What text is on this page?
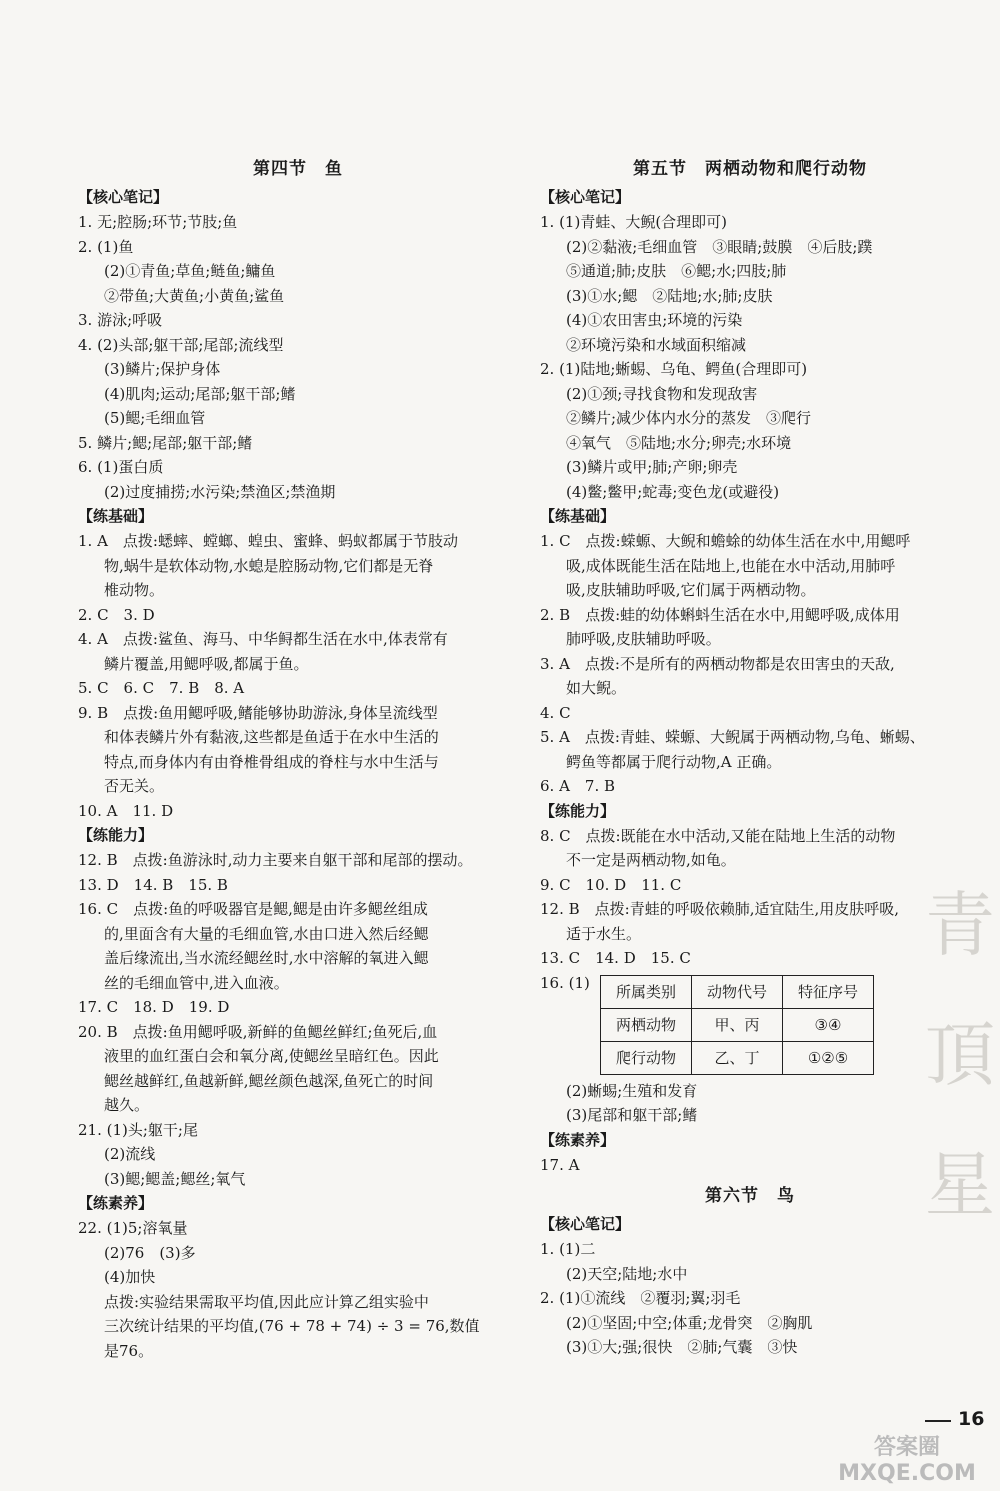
第四节　鱼
【核心笔记】
1. 无;腔肠;环节;节肢;鱼
2. (1)鱼
(2)①青鱼;草鱼;鲢鱼;鳙鱼
②带鱼;大黄鱼;小黄鱼;鲨鱼
3. 游泳;呼吸
4. (2)头部;躯干部;尾部;流线型
(3)鳞片;保护身体
(4)肌肉;运动;尾部;躯干部;鳍
(5)鳃;毛细血管
5. 鳞片;鳃;尾部;躯干部;鳍
6. (1)蛋白质
(2)过度捕捞;水污染;禁渔区;禁渔期
【练基础】
1. A　点拨:蟋蟀、螳螂、蝗虫、蜜蜂、蚂蚁都属于节肢动
物,蜗牛是软体动物,水螅是腔肠动物,它们都是无脊
椎动物。
2. C　3. D
4. A　点拨:鲨鱼、海马、中华鲟都生活在水中,体表常有
鳞片覆盖,用鳃呼吸,都属于鱼。
5. C　6. C　7. B　8. A
9. B　点拨:鱼用鳃呼吸,鳍能够协助游泳,身体呈流线型
和体表鳞片外有黏液,这些都是鱼适于在水中生活的
特点,而身体内有由脊椎骨组成的脊柱与水中生活与
否无关。
10. A　11. D
【练能力】
12. B　点拨:鱼游泳时,动力主要来自躯干部和尾部的摆动。
13. D　14. B　15. B
16. C　点拨:鱼的呼吸器官是鳃,鳃是由许多鳃丝组成
的,里面含有大量的毛细血管,水由口进入然后经鳃
盖后缘流出,当水流经鳃丝时,水中溶解的氧进入鳃
丝的毛细血管中,进入血液。
17. C　18. D　19. D
20. B　点拨:鱼用鳃呼吸,新鲜的鱼鳃丝鲜红;鱼死后,血
液里的血红蛋白会和氧分离,使鳃丝呈暗红色。因此
鳃丝越鲜红,鱼越新鲜,鳃丝颜色越深,鱼死亡的时间
越久。
21. (1)头;躯干;尾
(2)流线
(3)鳃;鳃盖;鳃丝;氧气
【练素养】
22. (1)5;溶氧量
(2)76　(3)多
(4)加快
点拨:实验结果需取平均值,因此应计算乙组实验中
三次统计结果的平均值,(76 + 78 + 74) ÷ 3 = 76,数值
是76。
第五节　两栖动物和爬行动物
【核心笔记】
1. (1)青蛙、大鲵(合理即可)
(2)②黏液;毛细血管　③眼睛;鼓膜　④后肢;蹼
⑤通道;肺;皮肤　⑥鳃;水;四肢;肺
(3)①水;鳃　②陆地;水;肺;皮肤
(4)①农田害虫;环境的污染
②环境污染和水域面积缩减
2. (1)陆地;蜥蜴、乌龟、鳄鱼(合理即可)
(2)①颈;寻找食物和发现敌害
②鳞片;减少体内水分的蒸发　③爬行
④氧气　⑤陆地;水分;卵壳;水环境
(3)鳞片或甲;肺;产卵;卵壳
(4)鳖;鳖甲;蛇毒;变色龙(或避役)
【练基础】
1. C　点拨:蝾螈、大鲵和蟾蜍的幼体生活在水中,用鳃呼
吸,成体既能生活在陆地上,也能在水中活动,用肺呼
吸,皮肤辅助呼吸,它们属于两栖动物。
2. B　点拨:蛙的幼体蝌蚪生活在水中,用鳃呼吸,成体用
肺呼吸,皮肤辅助呼吸。
3. A　点拨:不是所有的两栖动物都是农田害虫的天敌,
如大鲵。
4. C
5. A　点拨:青蛙、蝾螈、大鲵属于两栖动物,乌龟、蜥蜴、
鳄鱼等都属于爬行动物,A 正确。
6. A　7. B
【练能力】
8. C　点拨:既能在水中活动,又能在陆地上生活的动物
不一定是两栖动物,如龟。
9. C　10. D　11. C
12. B　点拨:青蛙的呼吸依赖肺,适宜陆生,用皮肤呼吸,
适于水生。
13. C　14. D　15. C
16. (1)
所属类别	动物代号	特征序号
两栖动物	甲、丙	③④
爬行动物	乙、丁	①②⑤
(2)蜥蜴;生殖和发育
(3)尾部和躯干部;鳍
【练素养】
17. A
第六节　鸟
【核心笔记】
1. (1)二
(2)天空;陆地;水中
2. (1)①流线　②覆羽;翼;羽毛
(2)①坚固;中空;体重;龙骨突　②胸肌
(3)①大;强;很快　②肺;气囊　③快
青頂星
16
答案圈 MXQE.COM
